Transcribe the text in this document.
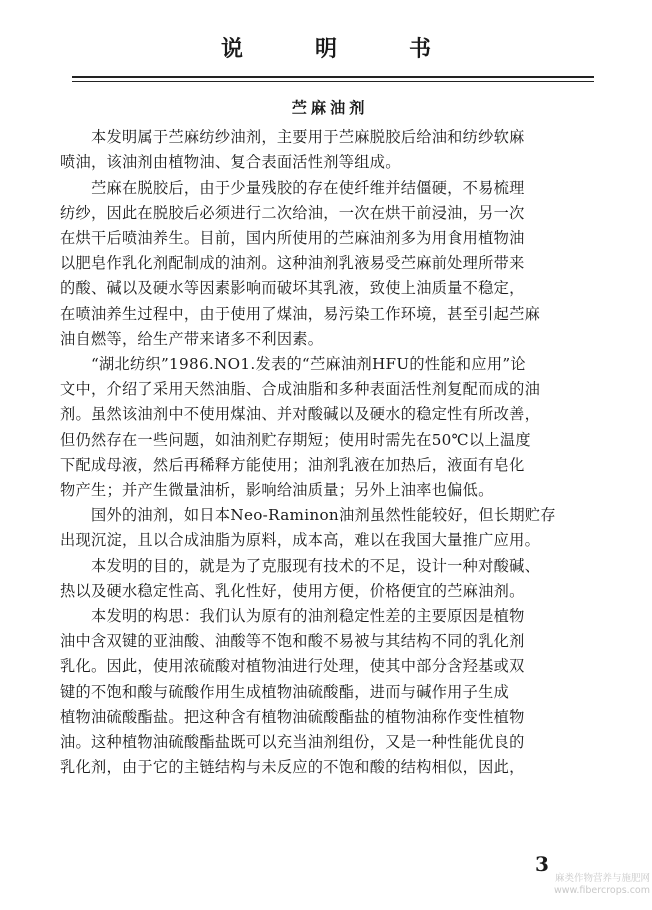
说明书

苎麻油剂

　　本发明属于苎麻纺纱油剂，主要用于苎麻脱胶后给油和纺纱软麻

喷油，该油剂由植物油、复合表面活性剂等组成。

　　苎麻在脱胶后，由于少量残胶的存在使纤维并结僵硬，不易梳理

纺纱，因此在脱胶后必须进行二次给油，一次在烘干前浸油，另一次

在烘干后喷油养生。目前，国内所使用的苎麻油剂多为用食用植物油

以肥皂作乳化剂配制成的油剂。这种油剂乳液易受苎麻前处理所带来

的酸、碱以及硬水等因素影响而破坏其乳液，致使上油质量不稳定，

在喷油养生过程中，由于使用了煤油，易污染工作环境，甚至引起苎麻

油自燃等，给生产带来诸多不利因素。

　　“湖北纺织”1986.NO1.发表的“苎麻油剂HFU的性能和应用”论

文中，介绍了采用天然油脂、合成油脂和多种表面活性剂复配而成的油

剂。虽然该油剂中不使用煤油、并对酸碱以及硬水的稳定性有所改善，

但仍然存在一些问题，如油剂贮存期短；使用时需先在50℃以上温度

下配成母液，然后再稀释方能使用；油剂乳液在加热后，液面有皂化

物产生；并产生微量油析，影响给油质量；另外上油率也偏低。

　　国外的油剂，如日本Neo-Raminon油剂虽然性能较好，但长期贮存

出现沉淀，且以合成油脂为原料，成本高，难以在我国大量推广应用。

　　本发明的目的，就是为了克服现有技术的不足，设计一种对酸碱、

热以及硬水稳定性高、乳化性好，使用方便，价格便宜的苎麻油剂。

　　本发明的构思：我们认为原有的油剂稳定性差的主要原因是植物

油中含双键的亚油酸、油酸等不饱和酸不易被与其结构不同的乳化剂

乳化。因此，使用浓硫酸对植物油进行处理，使其中部分含羟基或双

键的不饱和酸与硫酸作用生成植物油硫酸酯，进而与碱作用子生成

植物油硫酸酯盐。把这种含有植物油硫酸酯盐的植物油称作变性植物

油。这种植物油硫酸酯盐既可以充当油剂组份，又是一种性能优良的

乳化剂，由于它的主链结构与未反应的不饱和酸的结构相似，因此，

3
麻类作物营养与施肥网
www.fibercrops.com
